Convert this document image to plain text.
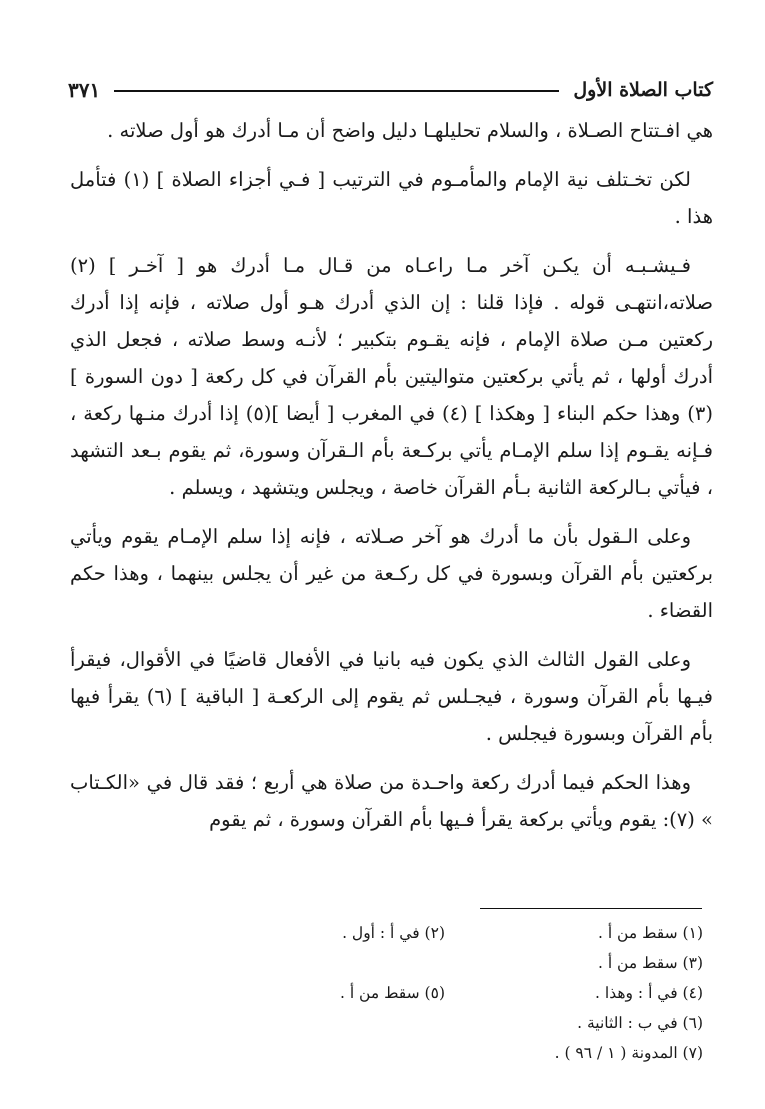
كتاب الصلاة الأول
٣٧١

هي افـتتاح الصـلاة ، والسلام تحليلهـا دليل واضح أن مـا أدرك هو أول صلاته .

لكن تخـتلف نية الإمام والمأمـوم في الترتيب [ فـي أجزاء الصلاة ] (١) فتأمل هذا .

فـيشـبـه أن يكـن آخر مـا راعـاه من قـال مـا أدرك هو [ آخـر ] (٢) صلاته،انتهـى قوله . فإذا قلنا : إن الذي أدرك هـو أول صلاته ، فإنه إذا أدرك ركعتين مـن صلاة الإمام ، فإنه يقـوم بتكبير ؛ لأنـه وسط صلاته ، فجعل الذي أدرك أولها ، ثم يأتي بركعتين متواليتين بأم القرآن في كل ركعة [ دون السورة ] (٣) وهذا حكم البناء [ وهكذا ] (٤) في المغرب [ أيضا ](٥) إذا أدرك منـها ركعة ، فـإنه يقـوم إذا سلم الإمـام يأتي بركـعة بأم الـقرآن وسورة، ثم يقوم بـعد التشهد ، فيأتي بـالركعة الثانية بـأم القرآن خاصة ، ويجلس ويتشهد ، ويسلم .

وعلى الـقول بأن ما أدرك هو آخر صـلاته ، فإنه إذا سلم الإمـام يقوم ويأتي بركعتين بأم القرآن وبسورة في كل ركـعة من غير أن يجلس بينهما ، وهذا حكم القضاء .

وعلى القول الثالث الذي يكون فيه بانيا في الأفعال قاضيًا في الأقوال، فيقرأ فيـها بأم القرآن وسورة ، فيجـلس ثم يقوم إلى الركعـة [ الباقية ] (٦) يقرأ فيها بأم القرآن وبسورة فيجلس .

وهذا الحكم فيما أدرك ركعة واحـدة من صلاة هي أربع ؛ فقد قال في «الكـتاب » (٧): يقوم ويأتي بركعة يقرأ فـيها بأم القرآن وسورة ، ثم يقوم

(١) سقط من أ .
(٢) في أ : أول .
(٣) سقط من أ .
(٤) في أ : وهذا .
(٥) سقط من أ .
(٦) في ب : الثانية .
(٧) المدونة ( ١ / ٩٦ ) .
